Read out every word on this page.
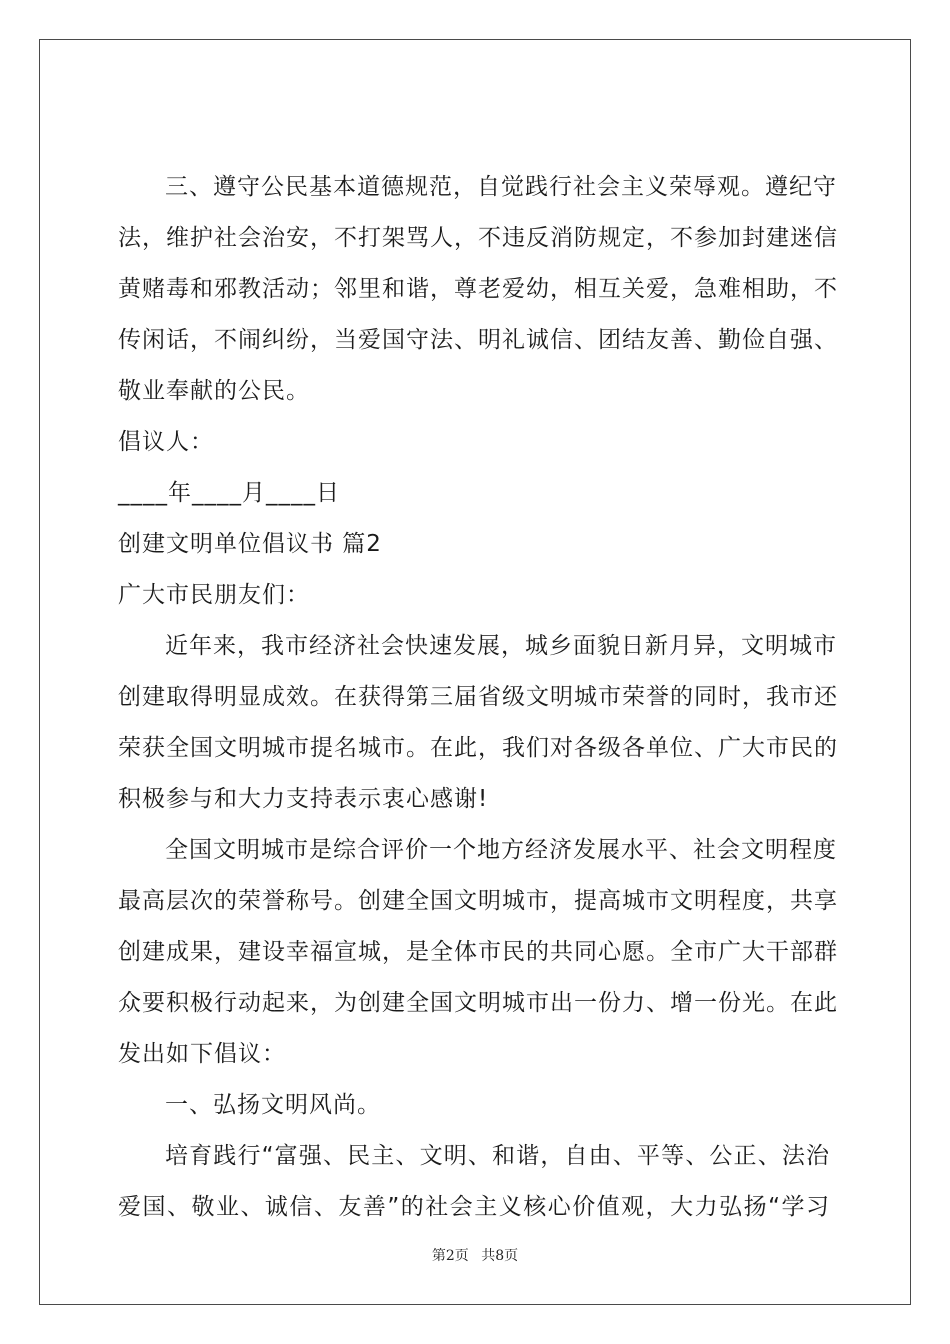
三、遵守公民基本道德规范，自觉践行社会主义荣辱观。遵纪守
法，维护社会治安，不打架骂人，不违反消防规定，不参加封建迷信
黄赌毒和邪教活动；邻里和谐，尊老爱幼，相互关爱，急难相助，不
传闲话，不闹纠纷，当爱国守法、明礼诚信、团结友善、勤俭自强、
敬业奉献的公民。
倡议人：
____年____月____日
创建文明单位倡议书 篇2
广大市民朋友们：
近年来，我市经济社会快速发展，城乡面貌日新月异，文明城市
创建取得明显成效。在获得第三届省级文明城市荣誉的同时，我市还
荣获全国文明城市提名城市。在此，我们对各级各单位、广大市民的
积极参与和大力支持表示衷心感谢!
全国文明城市是综合评价一个地方经济发展水平、社会文明程度
最高层次的荣誉称号。创建全国文明城市，提高城市文明程度，共享
创建成果，建设幸福宣城，是全体市民的共同心愿。全市广大干部群
众要积极行动起来，为创建全国文明城市出一份力、增一份光。在此
发出如下倡议：
一、弘扬文明风尚。
培育践行“富强、民主、文明、和谐，自由、平等、公正、法治
爱国、敬业、诚信、友善”的社会主义核心价值观，大力弘扬“学习
第2页 共8页
